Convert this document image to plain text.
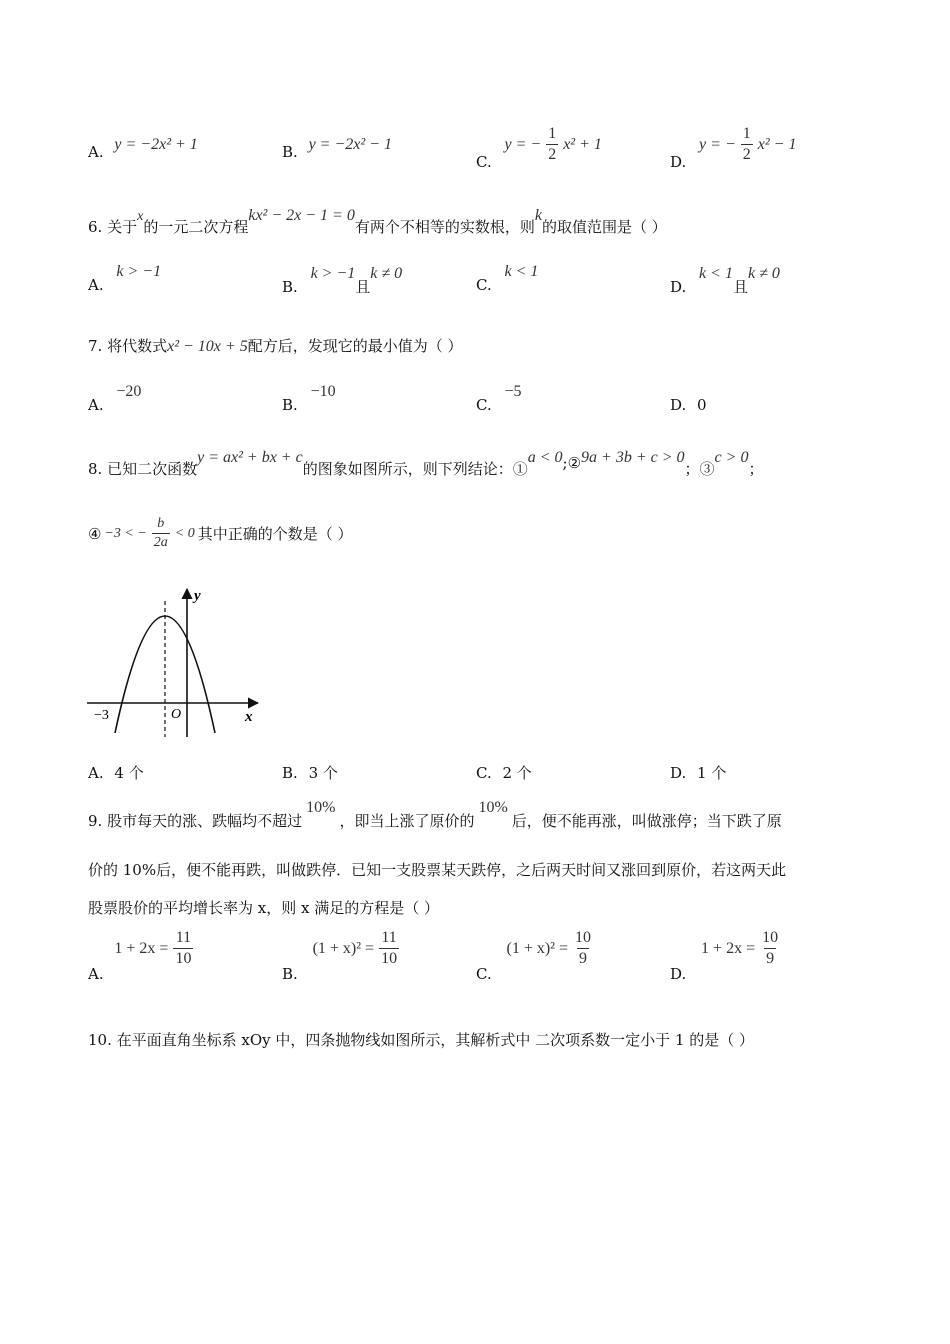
A. y = −2x² + 1	B. y = −2x² − 1
C.
y = − $\frac{1}{2} x^2 + 1$
D.
y = − $\frac{1}{2} x^2 - 1$
6. 关于x的一元二次方程kx² − 2x − 1 = 0有两个不相等的实数根，则k的取值范围是（ ）
A. k > −1
B. k > −1且k ≠ 0
C. k < 1
D. k < 1且k ≠ 0
7. 将代数式x² − 10x + 5配方后，发现它的最小值为（ ）
A. −20
B. −10
C. −5
D. 0
8. 已知二次函数y = ax² + bx + c的图象如图所示，则下列结论：①a < 0;②9a + 3b + c > 0；③c > 0；
④ −3 < − $\frac{b}{2a} < 0$ 其中正确的个数是（ ）
y
x
O
−3
A. 4 个	B. 3 个	C. 2 个	D. 1 个
9. 股市每天的涨、跌幅均不超过10%，即当上涨了原价的10%后，便不能再涨，叫做涨停；当下跌了原
价的 10%后，便不能再跌，叫做跌停．已知一支股票某天跌停，之后两天时间又涨回到原价，若这两天此
股票股价的平均增长率为 x，则 x 满足的方程是（ ）
A.
$1 + 2x = \frac{11}{10}$
B.
$(1 + x)^2 = \frac{11}{10}$
C.
$(1 + x)^2 = \frac{10}{9}$
D.
$1 + 2x = \frac{10}{9}$
10. 在平面直角坐标系 xOy 中，四条抛物线如图所示，其解析式中 二次项系数一定小于 1 的是（ ）
